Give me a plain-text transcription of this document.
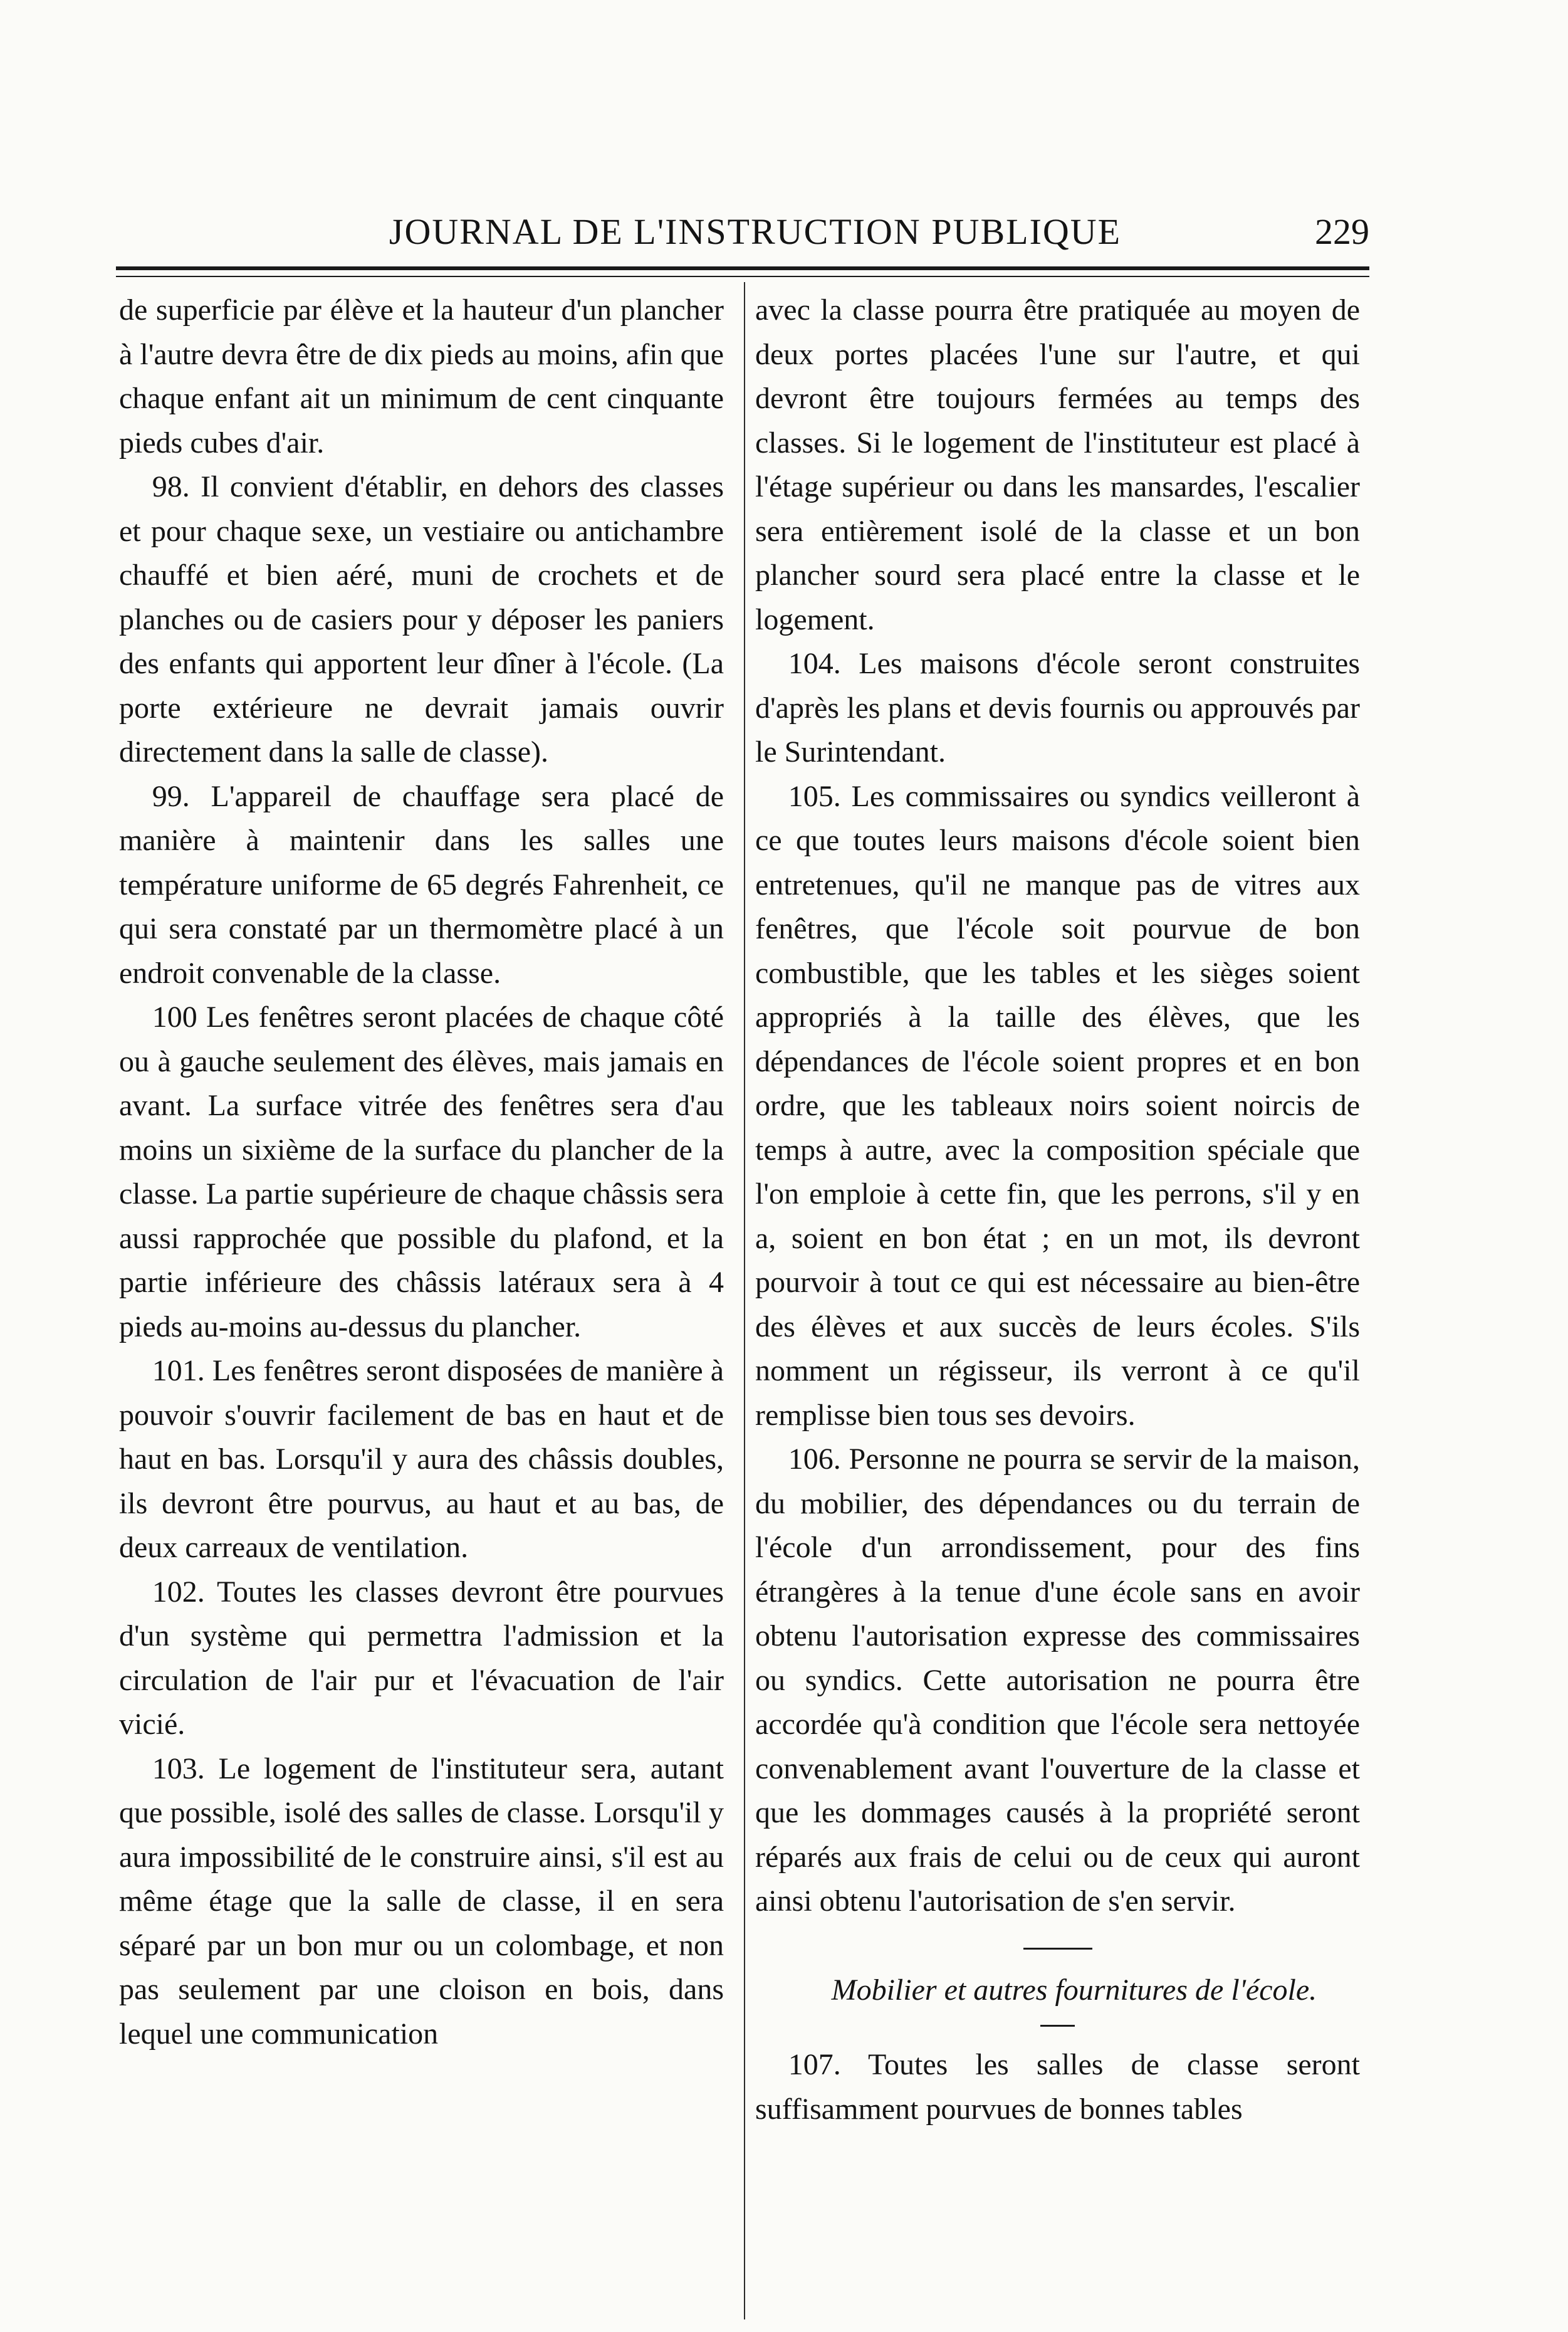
JOURNAL DE L'INSTRUCTION PUBLIQUE	229

de superficie par élève et la hauteur d'un plancher à l'autre devra être de dix pieds au moins, afin que chaque enfant ait un minimum de cent cinquante pieds cubes d'air.

98. Il convient d'établir, en dehors des classes et pour chaque sexe, un vestiaire ou antichambre chauffé et bien aéré, muni de crochets et de planches ou de casiers pour y déposer les paniers des enfants qui apportent leur dîner à l'école. (La porte extérieure ne devrait jamais ouvrir directement dans la salle de classe).

99. L'appareil de chauffage sera placé de manière à maintenir dans les salles une température uniforme de 65 degrés Fahrenheit, ce qui sera constaté par un thermomètre placé à un endroit convenable de la classe.

100 Les fenêtres seront placées de chaque côté ou à gauche seulement des élèves, mais jamais en avant. La surface vitrée des fenêtres sera d'au moins un sixième de la surface du plancher de la classe. La partie supérieure de chaque châssis sera aussi rapprochée que possible du plafond, et la partie inférieure des châssis latéraux sera à 4 pieds au-moins au-dessus du plancher.

101. Les fenêtres seront disposées de manière à pouvoir s'ouvrir facilement de bas en haut et de haut en bas. Lorsqu'il y aura des châssis doubles, ils devront être pourvus, au haut et au bas, de deux carreaux de ventilation.

102. Toutes les classes devront être pourvues d'un système qui permettra l'admission et la circulation de l'air pur et l'évacuation de l'air vicié.

103. Le logement de l'instituteur sera, autant que possible, isolé des salles de classe. Lorsqu'il y aura impossibilité de le construire ainsi, s'il est au même étage que la salle de classe, il en sera séparé par un bon mur ou un colombage, et non pas seulement par une cloison en bois, dans lequel une communication

avec la classe pourra être pratiquée au moyen de deux portes placées l'une sur l'autre, et qui devront être toujours fermées au temps des classes. Si le logement de l'instituteur est placé à l'étage supérieur ou dans les mansardes, l'escalier sera entièrement isolé de la classe et un bon plancher sourd sera placé entre la classe et le logement.

104. Les maisons d'école seront construites d'après les plans et devis fournis ou approuvés par le Surintendant.

105. Les commissaires ou syndics veilleront à ce que toutes leurs maisons d'école soient bien entretenues, qu'il ne manque pas de vitres aux fenêtres, que l'école soit pourvue de bon combustible, que les tables et les sièges soient appropriés à la taille des élèves, que les dépendances de l'école soient propres et en bon ordre, que les tableaux noirs soient noircis de temps à autre, avec la composition spéciale que l'on emploie à cette fin, que les perrons, s'il y en a, soient en bon état ; en un mot, ils devront pourvoir à tout ce qui est nécessaire au bien-être des élèves et aux succès de leurs écoles. S'ils nomment un régisseur, ils verront à ce qu'il remplisse bien tous ses devoirs.

106. Personne ne pourra se servir de la maison, du mobilier, des dépendances ou du terrain de l'école d'un arrondissement, pour des fins étrangères à la tenue d'une école sans en avoir obtenu l'autorisation expresse des commissaires ou syndics. Cette autorisation ne pourra être accordée qu'à condition que l'école sera nettoyée convenablement avant l'ouverture de la classe et que les dommages causés à la propriété seront réparés aux frais de celui ou de ceux qui auront ainsi obtenu l'autorisation de s'en servir.

Mobilier et autres fournitures de l'école.

107. Toutes les salles de classe seront suffisamment pourvues de bonnes tables
